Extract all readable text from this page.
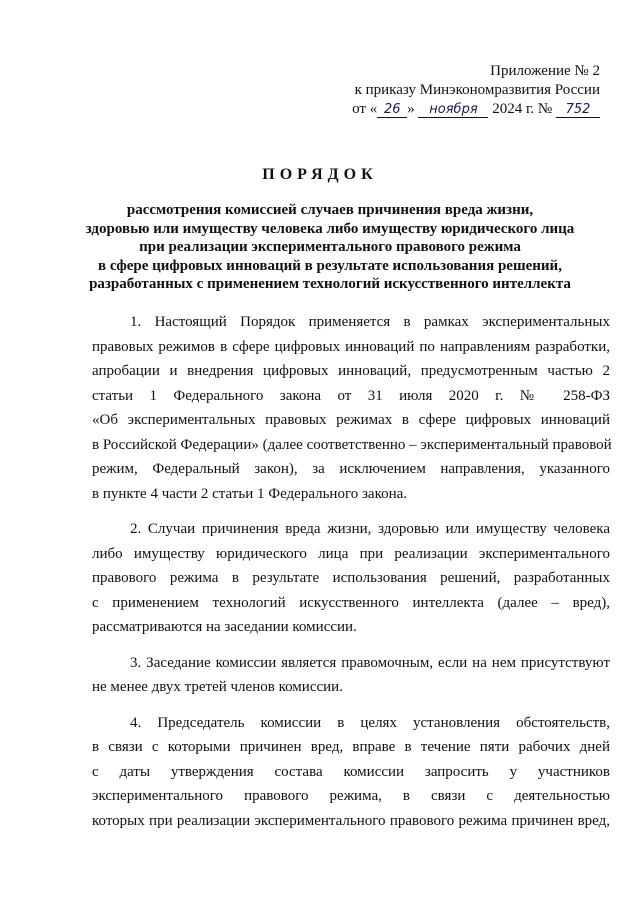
Приложение № 2
к приказу Минэкономразвития России
от « 26 » ноября 2024 г. № 752
ПОРЯДОК
рассмотрения комиссией случаев причинения вреда жизни,
здоровью или имуществу человека либо имуществу юридического лица
при реализации экспериментального правового режима
в сфере цифровых инноваций в результате использования решений,
разработанных с применением технологий искусственного интеллекта
1. Настоящий Порядок применяется в рамках экспериментальных
правовых режимов в сфере цифровых инноваций по направлениям разработки,
апробации и внедрения цифровых инноваций, предусмотренным частью 2
статьи 1 Федерального закона от 31 июля 2020 г. № 258-ФЗ
«Об экспериментальных правовых режимах в сфере цифровых инноваций
в Российской Федерации» (далее соответственно – экспериментальный правовой
режим, Федеральный закон), за исключением направления, указанного
в пункте 4 части 2 статьи 1 Федерального закона.
2. Случаи причинения вреда жизни, здоровью или имуществу человека
либо имуществу юридического лица при реализации экспериментального
правового режима в результате использования решений, разработанных
с применением технологий искусственного интеллекта (далее – вред),
рассматриваются на заседании комиссии.
3. Заседание комиссии является правомочным, если на нем присутствуют
не менее двух третей членов комиссии.
4. Председатель комиссии в целях установления обстоятельств,
в связи с которыми причинен вред, вправе в течение пяти рабочих дней
с даты утверждения состава комиссии запросить у участников
экспериментального правового режима, в связи с деятельностью
которых при реализации экспериментального правового режима причинен вред,
